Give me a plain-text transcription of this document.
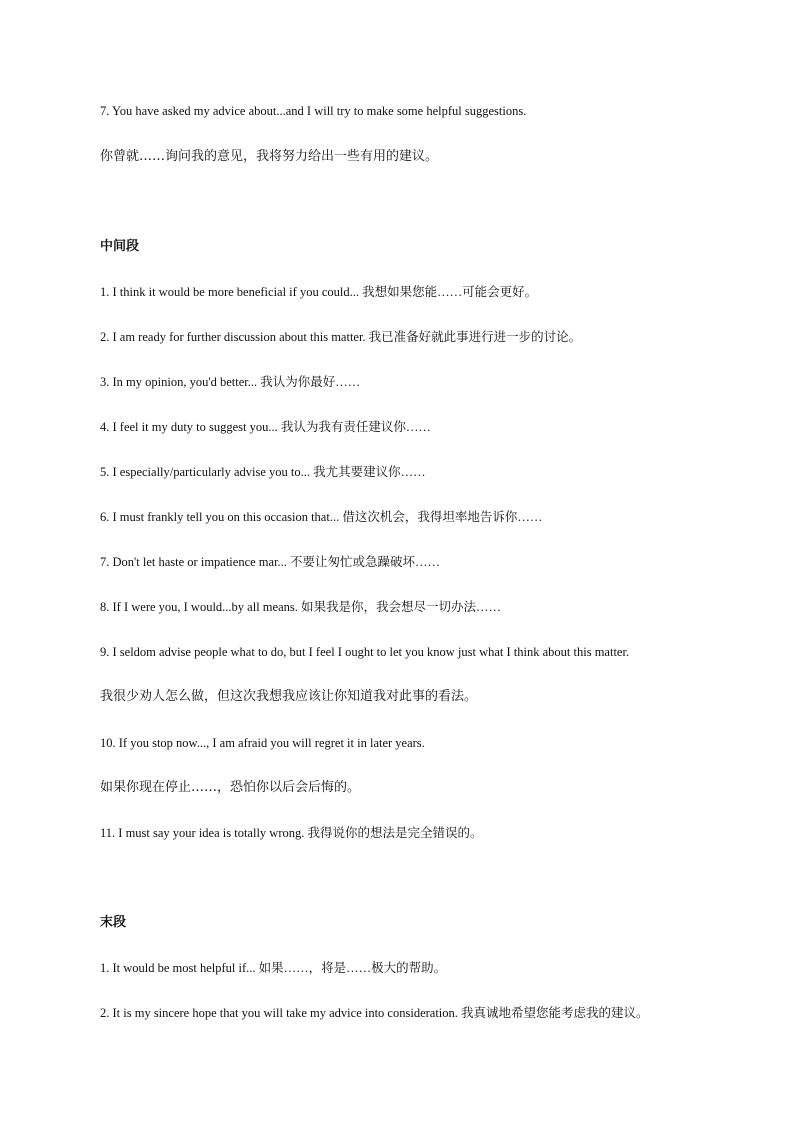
7. You have asked my advice about...and I will try to make some helpful suggestions.
你曾就……询问我的意见，我将努力给出一些有用的建议。
中间段
1. I think it would be more beneficial if you could... 我想如果您能……可能会更好。
2. I am ready for further discussion about this matter. 我已准备好就此事进行进一步的讨论。
3. In my opinion, you'd better... 我认为你最好……
4. I feel it my duty to suggest you... 我认为我有责任建议你……
5. I especially/particularly advise you to... 我尤其要建议你……
6. I must frankly tell you on this occasion that... 借这次机会，我得坦率地告诉你……
7. Don't let haste or impatience mar... 不要让匆忙或急躁破坏……
8. If I were you, I would...by all means. 如果我是你，我会想尽一切办法……
9. I seldom advise people what to do, but I feel I ought to let you know just what I think about this matter.
我很少劝人怎么做，但这次我想我应该让你知道我对此事的看法。
10. If you stop now..., I am afraid you will regret it in later years.
如果你现在停止……，恐怕你以后会后悔的。
11. I must say your idea is totally wrong. 我得说你的想法是完全错误的。
末段
1. It would be most helpful if... 如果……，将是……极大的帮助。
2. It is my sincere hope that you will take my advice into consideration. 我真诚地希望您能考虑我的建议。
